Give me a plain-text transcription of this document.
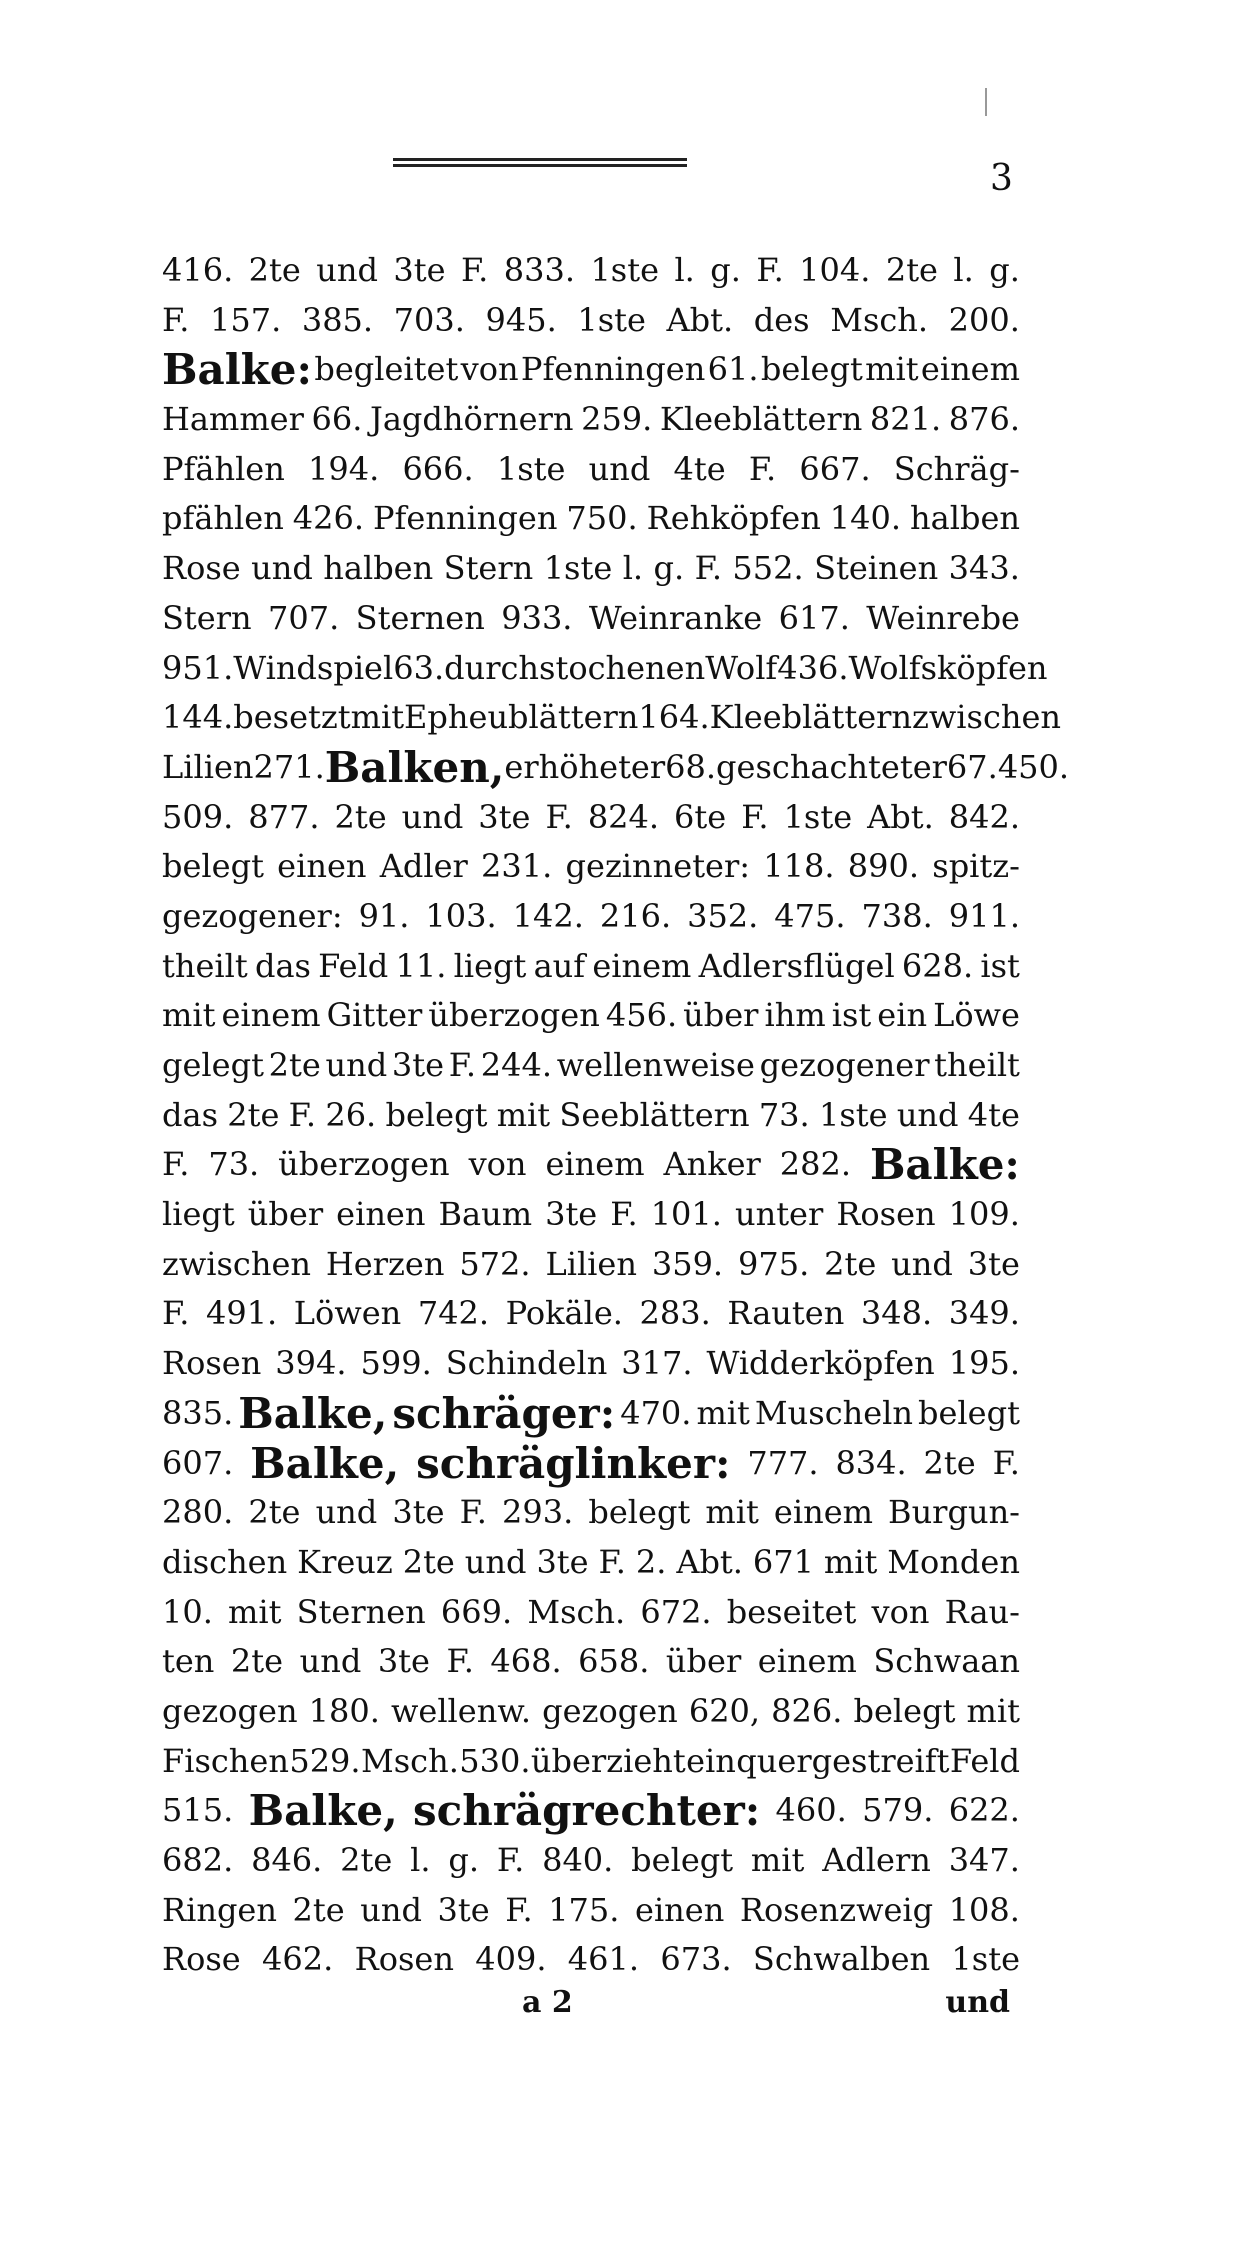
3
416. 2te und 3te F. 833. 1ste l. g. F. 104. 2te l. g.
F. 157. 385. 703. 945. 1ste Abt. des Msch. 200.
Balke: begleitet von Pfenningen 61. belegt mit einem
Hammer 66. Jagdhörnern 259. Kleeblättern 821. 876.
Pfählen 194. 666. 1ste und 4te F. 667. Schräg-
pfählen 426. Pfenningen 750. Rehköpfen 140. halben
Rose und halben Stern 1ste l. g. F. 552. Steinen 343.
Stern 707. Sternen 933. Weinranke 617. Weinrebe
951. Windspiel 63. durchstochenen Wolf 436. Wolfsköpfen
144. besetzt mit Epheublättern 164. Kleeblättern zwischen
Lilien 271. Balken, erhöheter 68. geschachteter 67. 450.
509. 877. 2te und 3te F. 824. 6te F. 1ste Abt. 842.
belegt einen Adler 231. gezinneter: 118. 890. spitz-
gezogener: 91. 103. 142. 216. 352. 475. 738. 911.
theilt das Feld 11. liegt auf einem Adlersflügel 628. ist
mit einem Gitter überzogen 456. über ihm ist ein Löwe
gelegt 2te und 3te F. 244. wellenweise gezogener theilt
das 2te F. 26. belegt mit Seeblättern 73. 1ste und 4te
F. 73. überzogen von einem Anker 282. Balke:
liegt über einen Baum 3te F. 101. unter Rosen 109.
zwischen Herzen 572. Lilien 359. 975. 2te und 3te
F. 491. Löwen 742. Pokäle. 283. Rauten 348. 349.
Rosen 394. 599. Schindeln 317. Widderköpfen 195.
835. Balke, schräger: 470. mit Muscheln belegt
607. Balke, schräglinker: 777. 834. 2te F.
280. 2te und 3te F. 293. belegt mit einem Burgun-
dischen Kreuz 2te und 3te F. 2. Abt. 671 mit Monden
10. mit Sternen 669. Msch. 672. beseitet von Rau-
ten 2te und 3te F. 468. 658. über einem Schwaan
gezogen 180. wellenw. gezogen 620, 826. belegt mit
Fischen 529. Msch. 530. überzieht ein quergestreift Feld
515. Balke, schrägrechter: 460. 579. 622.
682. 846. 2te l. g. F. 840. belegt mit Adlern 347.
Ringen 2te und 3te F. 175. einen Rosenzweig 108.
Rose 462. Rosen 409. 461. 673. Schwalben 1ste
a 2	und
